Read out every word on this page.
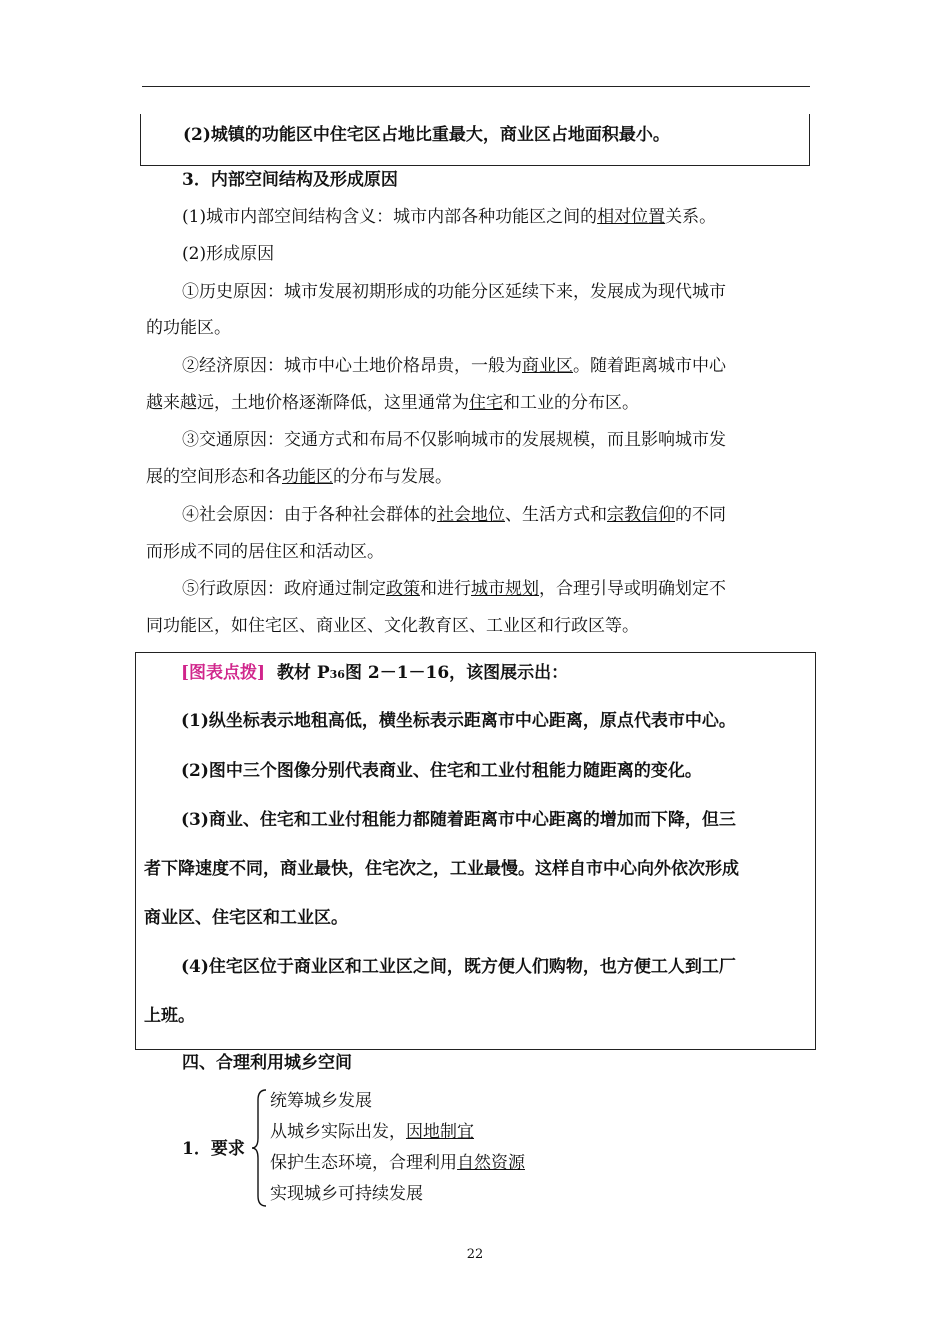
(2)城镇的功能区中住宅区占地比重最大，商业区占地面积最小。

3．内部空间结构及形成原因
(1)城市内部空间结构含义：城市内部各种功能区之间的相对位置关系。
(2)形成原因
①历史原因：城市发展初期形成的功能分区延续下来，发展成为现代城市
的功能区。
②经济原因：城市中心土地价格昂贵，一般为商业区。随着距离城市中心
越来越远，土地价格逐渐降低，这里通常为住宅和工业的分布区。
③交通原因：交通方式和布局不仅影响城市的发展规模，而且影响城市发
展的空间形态和各功能区的分布与发展。
④社会原因：由于各种社会群体的社会地位、生活方式和宗教信仰的不同
而形成不同的居住区和活动区。
⑤行政原因：政府通过制定政策和进行城市规划，合理引导或明确划定不
同功能区，如住宅区、商业区、文化教育区、工业区和行政区等。
[图表点拨] 教材 P36图 2－1－16，该图展示出：
(1)纵坐标表示地租高低，横坐标表示距离市中心距离，原点代表市中心。
(2)图中三个图像分别代表商业、住宅和工业付租能力随距离的变化。
(3)商业、住宅和工业付租能力都随着距离市中心距离的增加而下降，但三
者下降速度不同，商业最快，住宅次之，工业最慢。这样自市中心向外依次形成
商业区、住宅区和工业区。
(4)住宅区位于商业区和工业区之间，既方便人们购物，也方便工人到工厂
上班。
四、合理利用城乡空间
1．要求
统筹城乡发展
从城乡实际出发，因地制宜
保护生态环境，合理利用自然资源
实现城乡可持续发展
22
